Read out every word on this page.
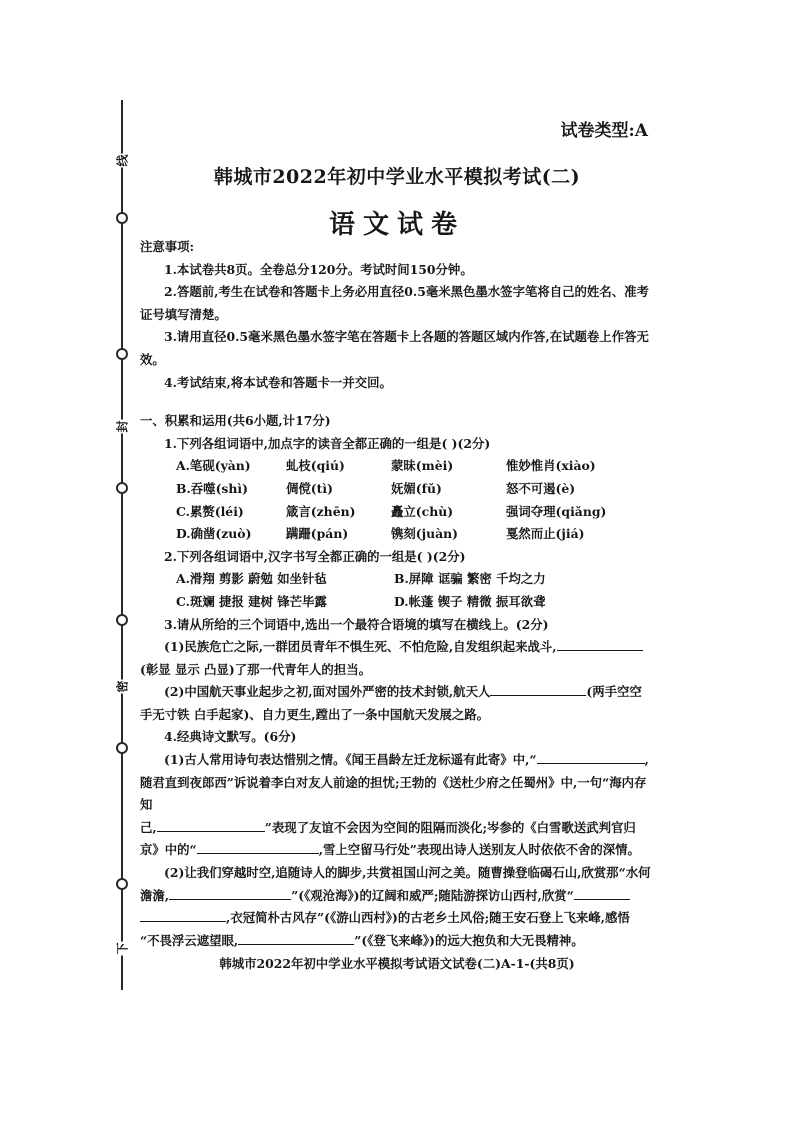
线
封
密
下
试卷类型:A
韩城市2022年初中学业水平模拟考试(二)
语文试卷

注意事项:

1.本试卷共8页。全卷总分120分。考试时间150分钟。

2.答题前,考生在试卷和答题卡上务必用直径0.5毫米黑色墨水签字笔将自己的姓名、准考证号填写清楚。

3.请用直径0.5毫米黑色墨水签字笔在答题卡上各题的答题区域内作答,在试题卷上作答无效。

4.考试结束,将本试卷和答题卡一并交回。

一、积累和运用(共6小题,计17分)

1.下列各组词语中,加点字的读音全都正确的一组是( )(2分)

A.笔砚(yàn)	虬枝(qiú)	蒙昧(mèi)	惟妙惟肖(xiào)
B.吞噬(shì)	倜傥(tì)	妩媚(fǔ)	怒不可遏(è)
C.累赘(léi)	箴言(zhēn)	矗立(chù)	强词夺理(qiǎng)
D.确凿(zuò)	蹒跚(pán)	镌刻(juàn)	戛然而止(jiá)

2.下列各组词语中,汉字书写全都正确的一组是( )(2分)

A.滑翔 剪影 蔚勉 如坐针毡	B.屏障 诓骗 繁密 千均之力
C.斑斓 捷报 建树 锋芒毕露	D.帐蓬 锲子 精微 振耳欲聋

3.请从所给的三个词语中,选出一个最符合语境的填写在横线上。(2分)

(1)民族危亡之际,一群团员青年不惧生死、不怕危险,自发组织起来战斗,

(彰显 显示 凸显)了那一代青年人的担当。

(2)中国航天事业起步之初,面对国外严密的技术封锁,航天人	(两手空空

手无寸铁 白手起家)、自力更生,蹚出了一条中国航天发展之路。

4.经典诗文默写。(6分)

(1)古人常用诗句表达惜别之情。《闻王昌龄左迁龙标遥有此寄》中,“	,

随君直到夜郎西”诉说着李白对友人前途的担忧;王勃的《送杜少府之任蜀州》中,一句“海内存知

己,	”表现了友谊不会因为空间的阻隔而淡化;岑参的《白雪歌送武判官归

京》中的“	,雪上空留马行处”表现出诗人送别友人时依依不舍的深情。

(2)让我们穿越时空,追随诗人的脚步,共赏祖国山河之美。随曹操登临碣石山,欣赏那“水何

澹澹,	”(《观沧海》)的辽阔和威严;随陆游探访山西村,欣赏“

,衣冠简朴古风存”(《游山西村》)的古老乡土风俗;随王安石登上飞来峰,感悟

“不畏浮云遮望眼,	”(《登飞来峰》)的远大抱负和大无畏精神。

韩城市2022年初中学业水平模拟考试语文试卷(二)A-1-(共8页)
